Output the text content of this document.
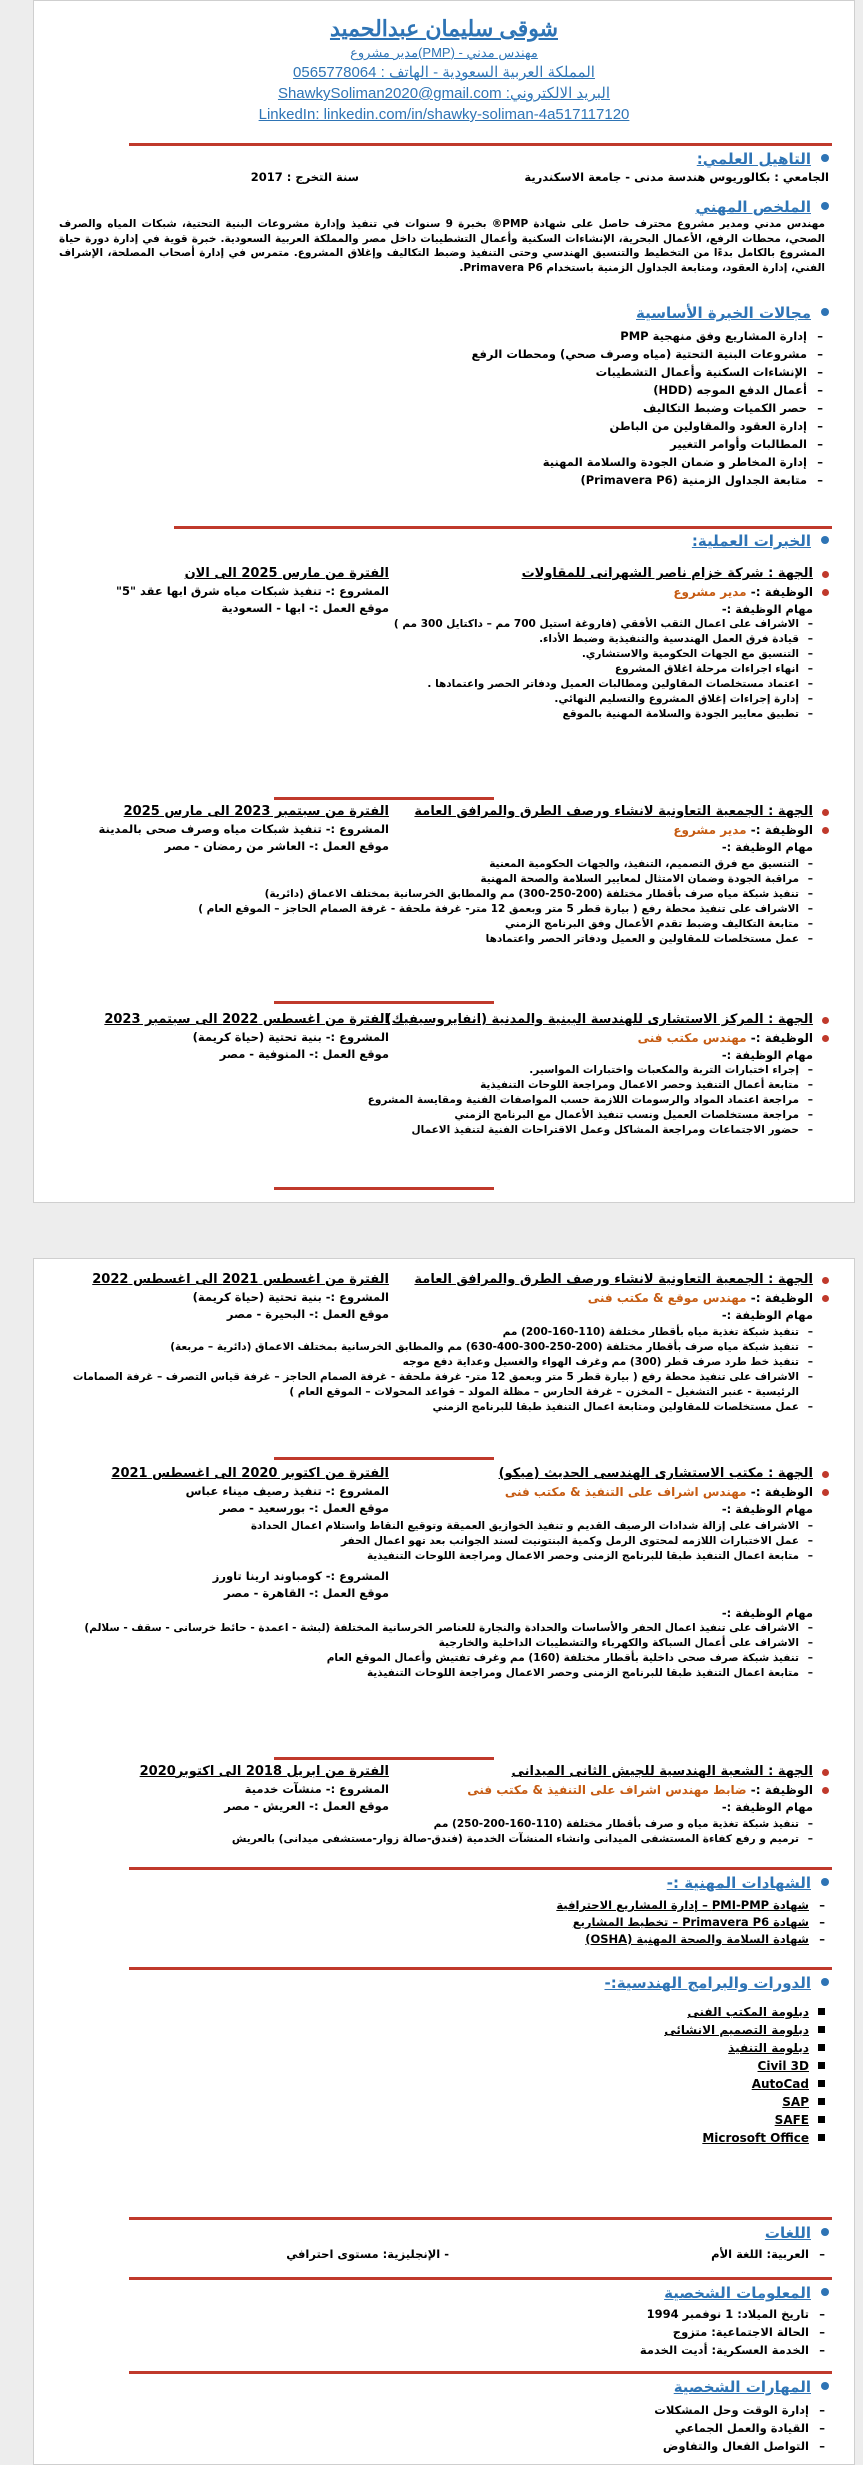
شوقى سليمان عبدالحميد
مهندس مدني - (PMP)مدير مشروع
المملكة العربية السعودية - الهاتف : 0565778064
البريد الالكتروني: ShawkySoliman2020@gmail.com
LinkedIn: linkedin.com/in/shawky-soliman-4a517117120
التاهيل العلمي:
الجامعي : بكالوريوس هندسة مدنى - جامعة الاسكندرية
سنة التخرج : 2017
الملخص المهني
مهندس مدني ومدير مشروع محترف حاصل على شهادة PMP® بخبرة 9 سنوات في تنفيذ وإدارة مشروعات البنية التحتية، شبكات المياه والصرف الصحي، محطات الرفع، الأعمال البحرية، الإنشاءات السكنية وأعمال التشطيبات داخل مصر والمملكة العربية السعودية. خبرة قوية في إدارة دورة حياة المشروع بالكامل بدءًا من التخطيط والتنسيق الهندسي وحتى التنفيذ وضبط التكاليف وإغلاق المشروع. متمرس في إدارة أصحاب المصلحة، الإشراف الفني، إدارة العقود، ومتابعة الجداول الزمنية باستخدام Primavera P6.
مجالات الخبرة الأساسية
– إدارة المشاريع وفق منهجية PMP
– مشروعات البنية التحتية (مياه وصرف صحي) ومحطات الرفع
– الإنشاءات السكنية وأعمال التشطيبات
– أعمال الدفع الموجه (HDD)
– حصر الكميات وضبط التكاليف
– إدارة العقود والمقاولين من الباطن
– المطالبات وأوامر التغيير
– إدارة المخاطر و ضمان الجودة والسلامة المهنية
– متابعة الجداول الزمنية (Primavera P6)
الخبرات العملية:
الجهة : شركة خزام ناصر الشهرانى للمقاولات
الوظيفة :- مدير مشروع
مهام الوظيفة :-
– الاشراف على اعمال الثقب الأفقي (فاروغة استيل 700 مم – داكتايل 300 مم )
– قيادة فرق العمل الهندسية والتنفيذية وضبط الأداء.
– التنسيق مع الجهات الحكومية والاستشاري.
– انهاء اجراءات مرحلة اغلاق المشروع
– اعتماد مستخلصات المقاولين ومطالبات العميل ودفاتر الحصر واعتمادها .
– إدارة إجراءات إغلاق المشروع والتسليم النهائي.
– تطبيق معايير الجودة والسلامة المهنية بالموقع
الفترة من مارس 2025 الى الان
المشروع :- تنفيذ شبكات مياه شرق ابها عقد "5"
موقع العمل :- ابها - السعودية
الجهة : الجمعية التعاونية لانشاء ورصف الطرق والمرافق العامة
الوظيفة :- مدير مشروع
مهام الوظيفة :-
الفترة من سبتمبر 2023 الى مارس 2025
المشروع :- تنفيذ شبكات مياه وصرف صحى بالمدينة
موقع العمل :- العاشر من رمضان - مصر
– التنسيق مع فرق التصميم، التنفيذ، والجهات الحكومية المعنية
– مراقبة الجودة وضمان الامتثال لمعايير السلامة والصحة المهنية
– تنفيذ شبكة مياه صرف بأقطار مختلفة (200-250-300) مم والمطابق الخرسانية بمختلف الاعماق (دائرية)
– الاشراف على تنفيذ محطة رفع ( بيارة قطر 5 متر وبعمق 12 متر- غرفة ملحقة - غرفة الصمام الحاجز – الموقع العام )
– متابعة التكاليف وضبط تقدم الأعمال وفق البرنامج الزمني
– عمل مستخلصات للمقاولين و العميل ودفاتر الحصر واعتمادها
الجهة : المركز الاستشارى للهندسة البينية والمدنية (انفايروسيفيك)
الوظيفة :- مهندس مكتب فنى
مهام الوظيفة :-
– إجراء اختبارات التربة والمكعبات واختبارات المواسير.
– متابعة أعمال التنفيذ وحصر الاعمال ومراجعة اللوحات التنفيذية
– مراجعة اعتماد المواد والرسومات اللازمة حسب المواصفات الفنية ومقايسة المشروع
– مراجعة مستخلصات العميل ونسب تنفيذ الأعمال مع البرنامج الزمني
– حضور الاجتماعات ومراجعة المشاكل وعمل الاقتراحات الفنية لتنفيذ الاعمال
الفترة من اغسطس 2022 الى سبتمبر 2023
المشروع :- بنية تحتية (حياة كريمة)
موقع العمل :- المنوفية - مصر
الجهة : الجمعية التعاونية لانشاء ورصف الطرق والمرافق العامة
الوظيفة :- مهندس موقع & مكتب فنى
مهام الوظيفة :-
الفترة من اغسطس 2021 الى اغسطس 2022
المشروع :- بنية تحتية (حياة كريمة)
موقع العمل :- البحيرة - مصر
– تنفيذ شبكة تغذية مياه بأقطار مختلفة (110-160-200) مم
– تنفيذ شبكة مياه صرف بأقطار مختلفة (200-250-300-400-630) مم والمطابق الخرسانية بمختلف الاعماق (دائرية – مربعة)
– تنفيذ خط طرد صرف قطر (300) مم وغرف الهواء والغسيل وعداية دفع موجه
– الاشراف على تنفيذ محطة رفع ( بيارة قطر 5 متر وبعمق 12 متر- غرفة ملحقة - غرفة الصمام الحاجز – غرفة قياس التصرف – غرفة الصمامات الرئيسية - عنبر التشغيل – المخزن – غرفة الحارس – مظلة المولد – قواعد المحولات – الموقع العام )
– عمل مستخلصات للمقاولين ومتابعة اعمال التنفيذ طبقا للبرنامج الزمني
الجهة : مكتب الاستشارى الهندسى الحديث (ميكو)
الوظيفة :- مهندس اشراف على التنفيذ & مكتب فنى
مهام الوظيفة :-
الفترة من اكتوبر 2020 الى اغسطس 2021
المشروع :- تنفيذ رصيف ميناء عباس
موقع العمل :- بورسعيد - مصر
– الاشراف على إزالة شدادات الرصيف القديم و تنفيذ الخوازيق العميقة وتوقيع النقاط واستلام اعمال الحدادة
– عمل الاختبارات اللازمه لمحتوى الرمل وكمية البنتونيت لسند الجوانب بعد تهو اعمال الحفر
– متابعة اعمال التنفيذ طبقا للبرنامج الزمنى وحصر الاعمال ومراجعة اللوحات التنفيذية
المشروع :- كومباوند ارينا تاورز
موقع العمل :- القاهرة - مصر
مهام الوظيفة :-
– الاشراف على تنفيذ اعمال الحفر والأساسات والحدادة والنجارة للعناصر الخرسانية المختلفة (لبشة - اعمدة - حائط خرسانى - سقف - سلالم)
– الاشراف على أعمال السباكة والكهرباء والتشطيبات الداخلية والخارجية
– تنفيذ شبكة صرف صحى داخلية بأقطار مختلفة (160) مم وغرف تفتيش وأعمال الموقع العام
– متابعة اعمال التنفيذ طبقا للبرنامج الزمنى وحصر الاعمال ومراجعة اللوحات التنفيذية
الجهة : الشعبة الهندسية للجيش الثانى الميدانى
الوظيفة :- ضابط مهندس اشراف على التنفيذ & مكتب فنى
مهام الوظيفة :-
الفترة من ابريل 2018 الى اكتوبر2020
المشروع :- منشآت خدمية
موقع العمل :- العريش - مصر
– تنفيذ شبكة تغذية مياه و صرف بأقطار مختلفة (110-160-200-250) مم
– ترميم و رفع كفاءة المستشفى الميدانى وانشاء المنشآت الخدمية (فندق-صالة زوار-مستشفى ميدانى) بالعريش
الشهادات المهنية :-
– شهادة PMI-PMP – إدارة المشاريع الاحترافية
– شهادة Primavera P6 – تخطيط المشاريع
– شهادة السلامة والصحة المهنية (OSHA)
الدورات والبرامج الهندسية:-
دبلومة المكتب الفنى
دبلومة التصميم الانشائى
دبلومة التنفيذ
Civil 3D
AutoCad
SAP
SAFE
Microsoft Office
اللغات
– العربية: اللغة الأم
- الإنجليزية: مستوى احترافي
المعلومات الشخصية
– تاريخ الميلاد: 1 نوفمبر 1994
– الحالة الاجتماعية: متزوج
– الخدمة العسكرية: أديت الخدمة
المهارات الشخصية
– إدارة الوقت وحل المشكلات
– القيادة والعمل الجماعي
– التواصل الفعال والتفاوض
